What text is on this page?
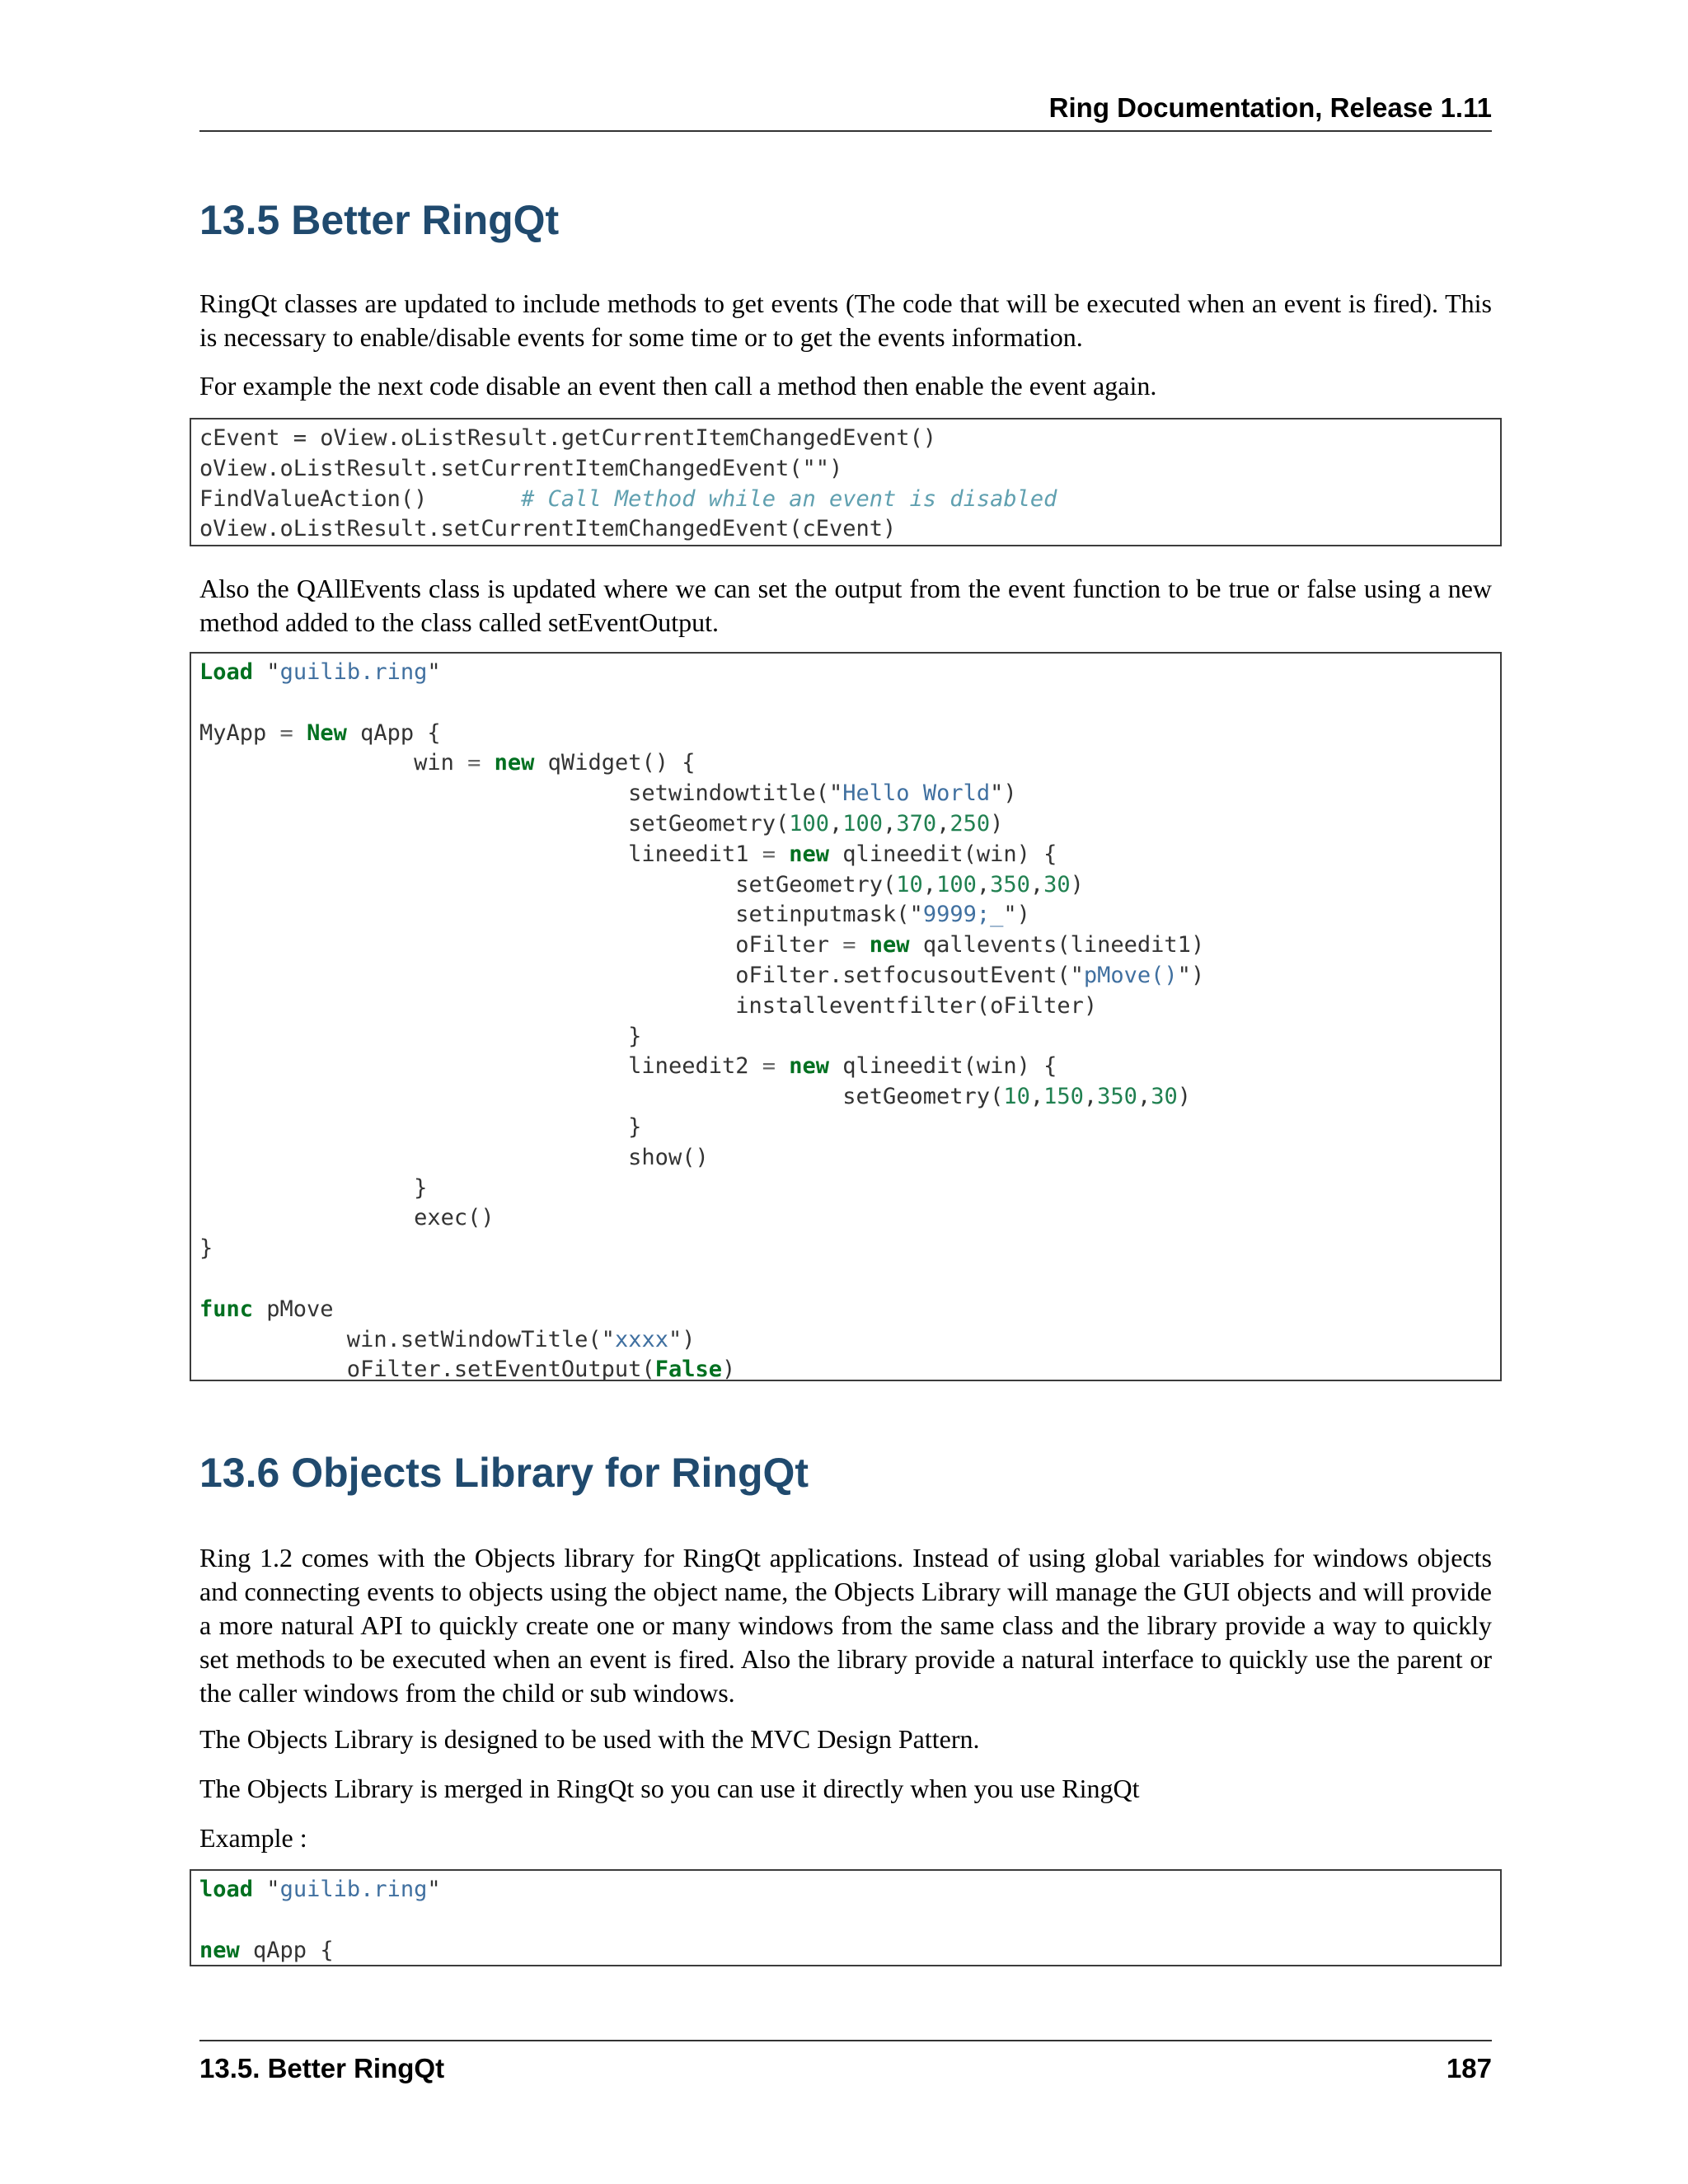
Ring Documentation, Release 1.11
13.5 Better RingQt

RingQt classes are updated to include methods to get events (The code that will be executed when an event is fired). This is necessary to enable/disable events for some time or to get the events information.

For example the next code disable an event then call a method then enable the event again.

cEvent = oView.oListResult.getCurrentItemChangedEvent()
oView.oListResult.setCurrentItemChangedEvent("")
FindValueAction()       # Call Method while an event is disabled
oView.oListResult.setCurrentItemChangedEvent(cEvent)

Also the QAllEvents class is updated where we can set the output from the event function to be true or false using a new method added to the class called setEventOutput.

Load "guilib.ring"

MyApp = New qApp {
win = new qWidget() {
setwindowtitle("Hello World")
setGeometry(100,100,370,250)
lineedit1 = new qlineedit(win) {
setGeometry(10,100,350,30)
setinputmask("9999;_")
oFilter = new qallevents(lineedit1)
oFilter.setfocusoutEvent("pMove()")
installeventfilter(oFilter)
}
lineedit2 = new qlineedit(win) {
setGeometry(10,150,350,30)
}
show()
}
exec()
}

func pMove
win.setWindowTitle("xxxx")
oFilter.setEventOutput(False)
13.6 Objects Library for RingQt

Ring 1.2 comes with the Objects library for RingQt applications. Instead of using global variables for windows objects and connecting events to objects using the object name, the Objects Library will manage the GUI objects and will provide a more natural API to quickly create one or many windows from the same class and the library provide a way to quickly set methods to be executed when an event is fired. Also the library provide a natural interface to quickly use the parent or the caller windows from the child or sub windows.

The Objects Library is designed to be used with the MVC Design Pattern.

The Objects Library is merged in RingQt so you can use it directly when you use RingQt

Example :

load "guilib.ring"

new qApp {
13.5. Better RingQt	187
